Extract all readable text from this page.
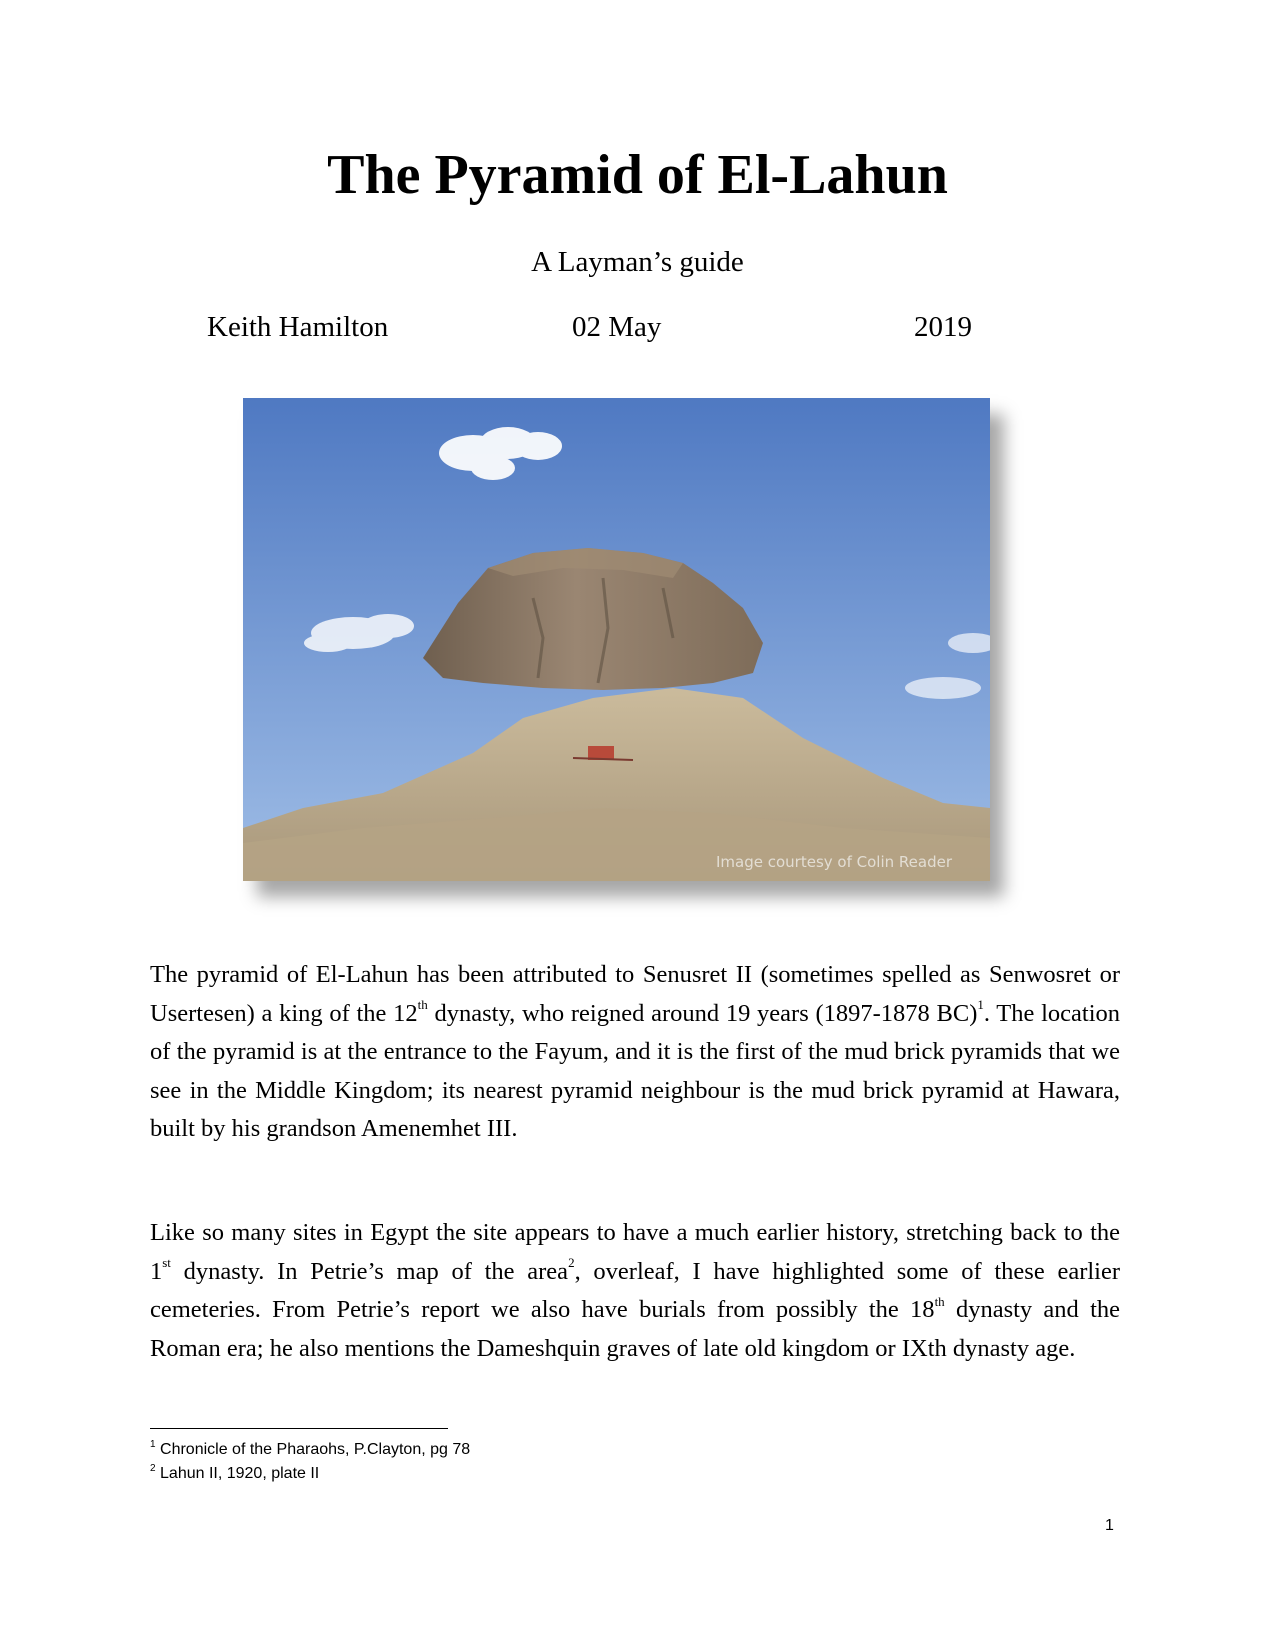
The Pyramid of El-Lahun
A Layman’s guide
Keith Hamilton	02 May	2019
Image courtesy of Colin Reader

The pyramid of El-Lahun has been attributed to Senusret II (sometimes spelled as Senwosret or Usertesen) a king of the 12th dynasty, who reigned around 19 years (1897-1878 BC)$^1$. The location of the pyramid is at the entrance to the Fayum, and it is the first of the mud brick pyramids that we see in the Middle Kingdom; its nearest pyramid neighbour is the mud brick pyramid at Hawara, built by his grandson Amenemhet III.

Like so many sites in Egypt the site appears to have a much earlier history, stretching back to the 1st dynasty. In Petrie’s map of the area$^2$, overleaf, I have highlighted some of these earlier cemeteries. From Petrie’s report we also have burials from possibly the 18th dynasty and the Roman era; he also mentions the Dameshquin graves of late old kingdom or IXth dynasty age.

$^1$ Chronicle of the Pharaohs, P.Clayton, pg 78
$^2$ Lahun II, 1920, plate II
1
